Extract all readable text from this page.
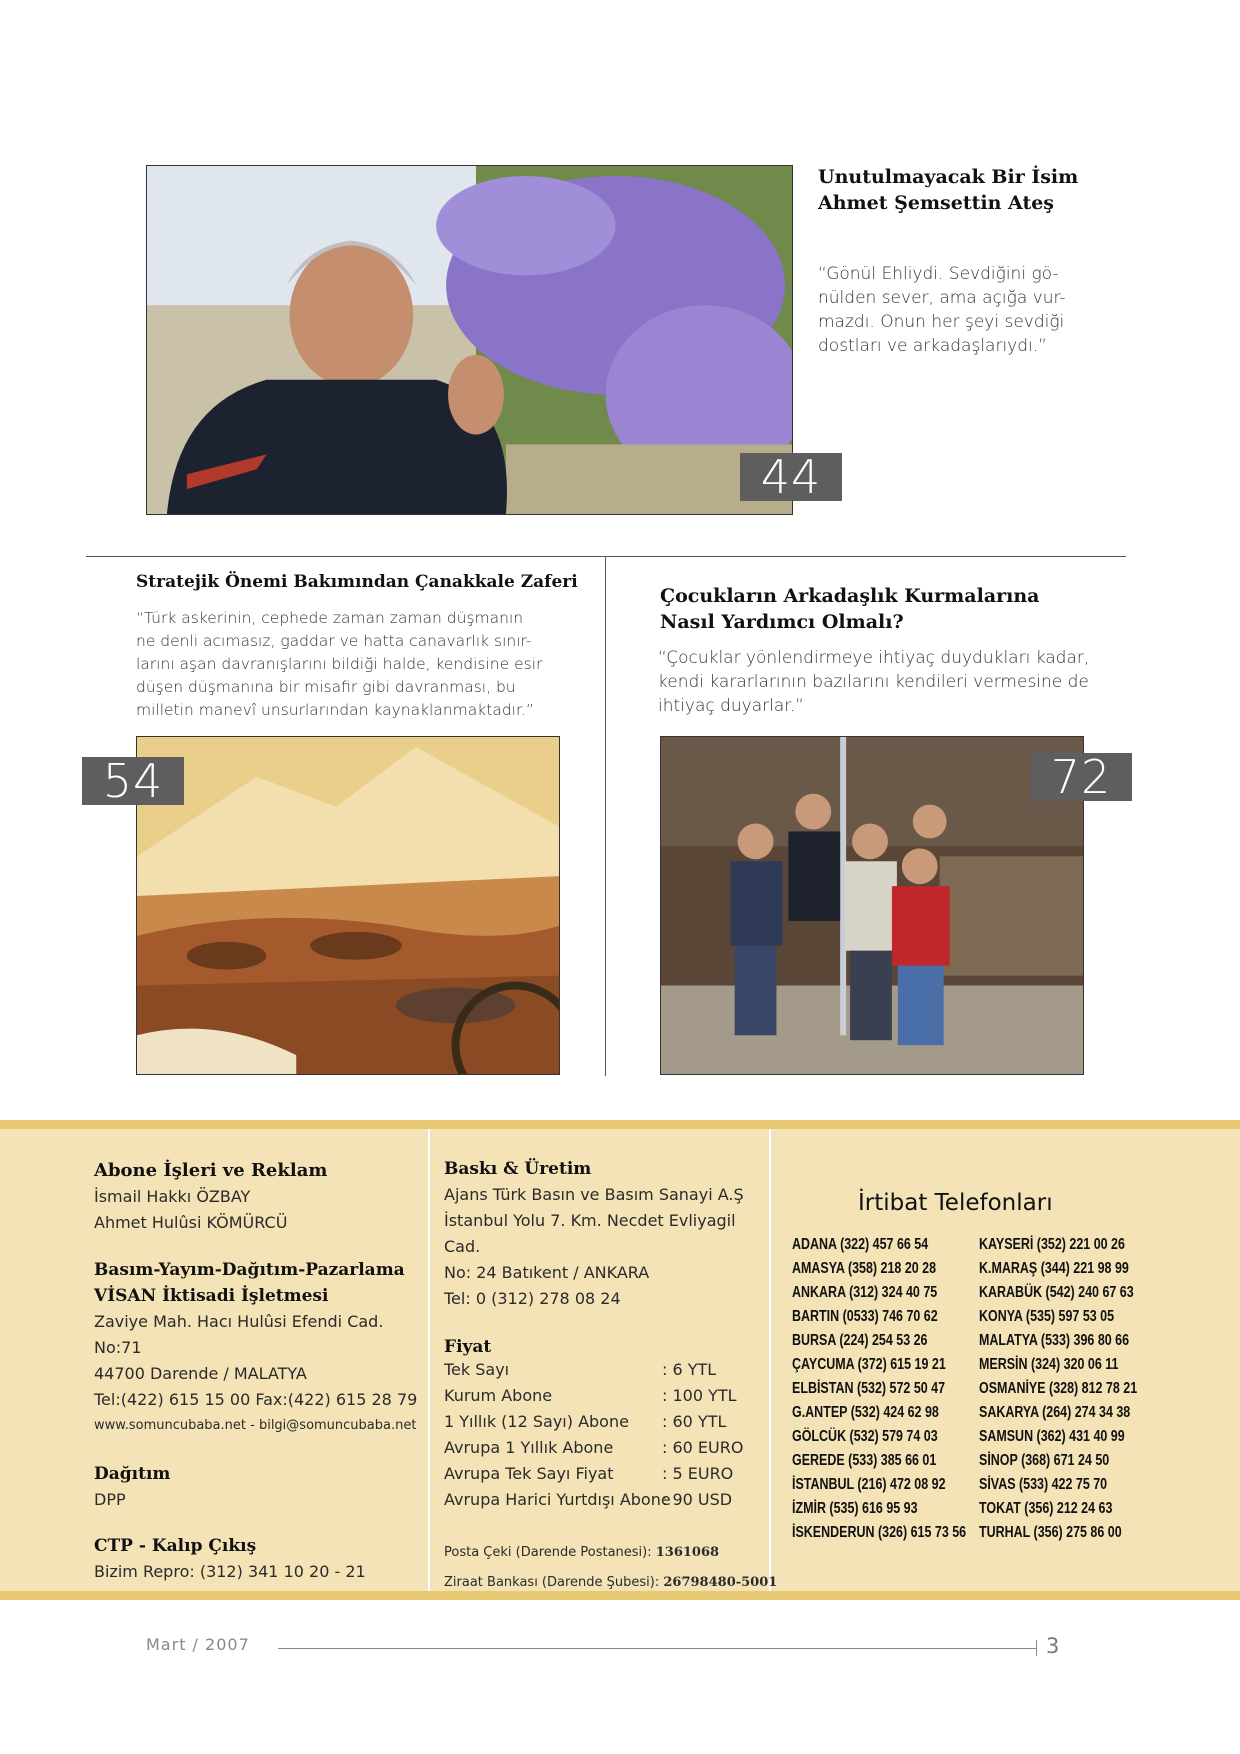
44
Unutulmayacak Bir İsim
Ahmet Şemsettin Ateş
“Gönül Ehliydi. Sevdiğini gö-
nülden sever, ama açığa vur-
mazdı. Onun her şeyi sevdiği
dostları ve arkadaşlarıydı.”
Stratejik Önemi Bakımından Çanakkale Zaferi
“Türk askerinin, cephede zaman zaman düşmanın
ne denli acımasız, gaddar ve hatta canavarlık sınır-
larını aşan davranışlarını bildiği halde, kendisine esir
düşen düşmanına bir misafir gibi davranması, bu
milletin manevî unsurlarından kaynaklanmaktadır.”
54
Çocukların Arkadaşlık Kurmalarına
Nasıl Yardımcı Olmalı?
“Çocuklar yönlendirmeye ihtiyaç duydukları kadar,
kendi kararlarının bazılarını kendileri vermesine de
ihtiyaç duyarlar.”
72
Abone İşleri ve Reklam
İsmail Hakkı ÖZBAY
Ahmet Hulûsi KÖMÜRCÜ
Basım-Yayım-Dağıtım-Pazarlama
VİSAN İktisadi İşletmesi
Zaviye Mah. Hacı Hulûsi Efendi Cad. No:71
44700 Darende / MALATYA
Tel:(422) 615 15 00 Fax:(422) 615 28 79
www.somuncubaba.net - bilgi@somuncubaba.net
Dağıtım
DPP
CTP - Kalıp Çıkış
Bizim Repro: (312) 341 10 20 - 21
Baskı & Üretim
Ajans Türk Basın ve Basım Sanayi A.Ş
İstanbul Yolu 7. Km. Necdet Evliyagil Cad.
No: 24 Batıkent / ANKARA
Tel: 0 (312) 278 08 24
Fiyat
Tek Sayı	: 6 YTL
Kurum Abone	: 100 YTL
1 Yıllık (12 Sayı) Abone : 60 YTL
Avrupa 1 Yıllık Abone	: 60 EURO
Avrupa Tek Sayı Fiyat	: 5 EURO
Avrupa Harici Yurtdışı Abone
: 90 USD
Posta Çeki (Darende Postanesi): 1361068
Ziraat Bankası (Darende Şubesi): 26798480-5001
İrtibat Telefonları
ADANA (322) 457 66 54
AMASYA (358) 218 20 28
ANKARA (312) 324 40 75
BARTIN (0533) 746 70 62
BURSA (224) 254 53 26
ÇAYCUMA (372) 615 19 21
ELBİSTAN (532) 572 50 47
G.ANTEP (532) 424 62 98
GÖLCÜK (532) 579 74 03
GEREDE (533) 385 66 01
İSTANBUL (216) 472 08 92
İZMİR (535) 616 95 93
İSKENDERUN (326) 615 73 56
KAYSERİ (352) 221 00 26
K.MARAŞ (344) 221 98 99
KARABÜK (542) 240 67 63
KONYA (535) 597 53 05
MALATYA (533) 396 80 66
MERSİN (324) 320 06 11
OSMANİYE (328) 812 78 21
SAKARYA (264) 274 34 38
SAMSUN (362) 431 40 99
SİNOP (368) 671 24 50
SİVAS (533) 422 75 70
TOKAT (356) 212 24 63
TURHAL (356) 275 86 00
Mart / 2007	3
